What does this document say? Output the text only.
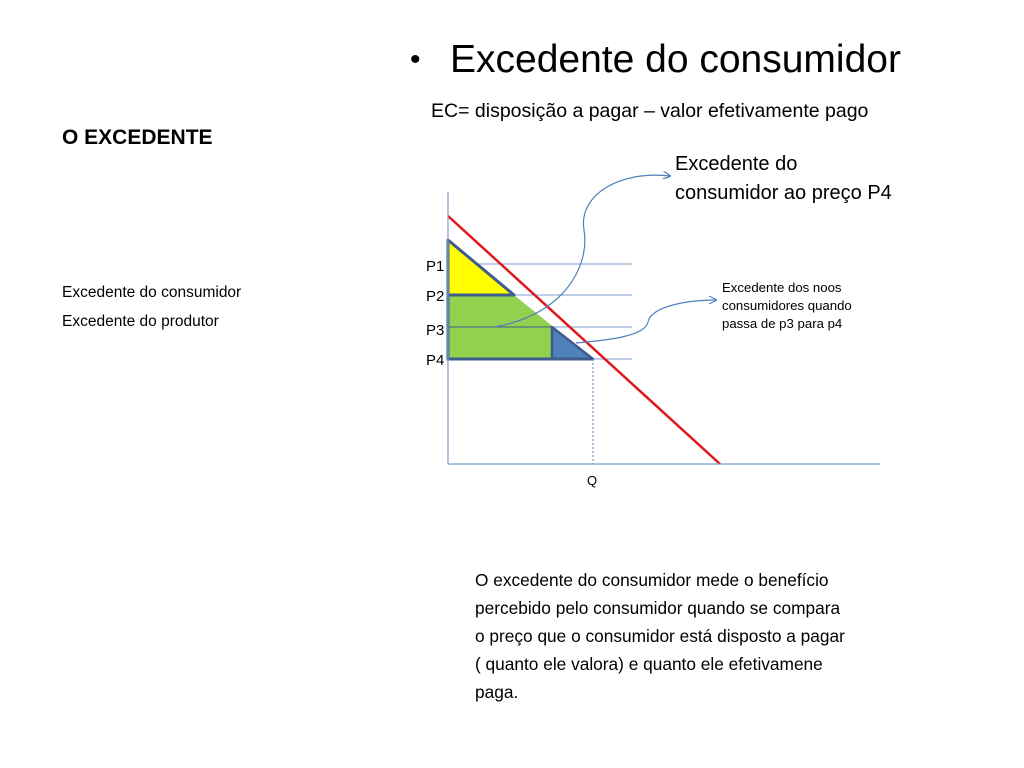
O EXCEDENTE
Excedente do consumidor
Excedente do produtor
• Excedente do consumidor
EC= disposição a pagar – valor efetivamente pago
P1
P2
P3
P4
Q
Excedente do
consumidor ao preço P4
Excedente dos noos
consumidores quando
passa de p3 para p4
O excedente do consumidor mede o benefício
percebido pelo consumidor quando se compara
o preço que o consumidor está disposto a pagar
( quanto ele valora) e quanto ele efetivamene
paga.
